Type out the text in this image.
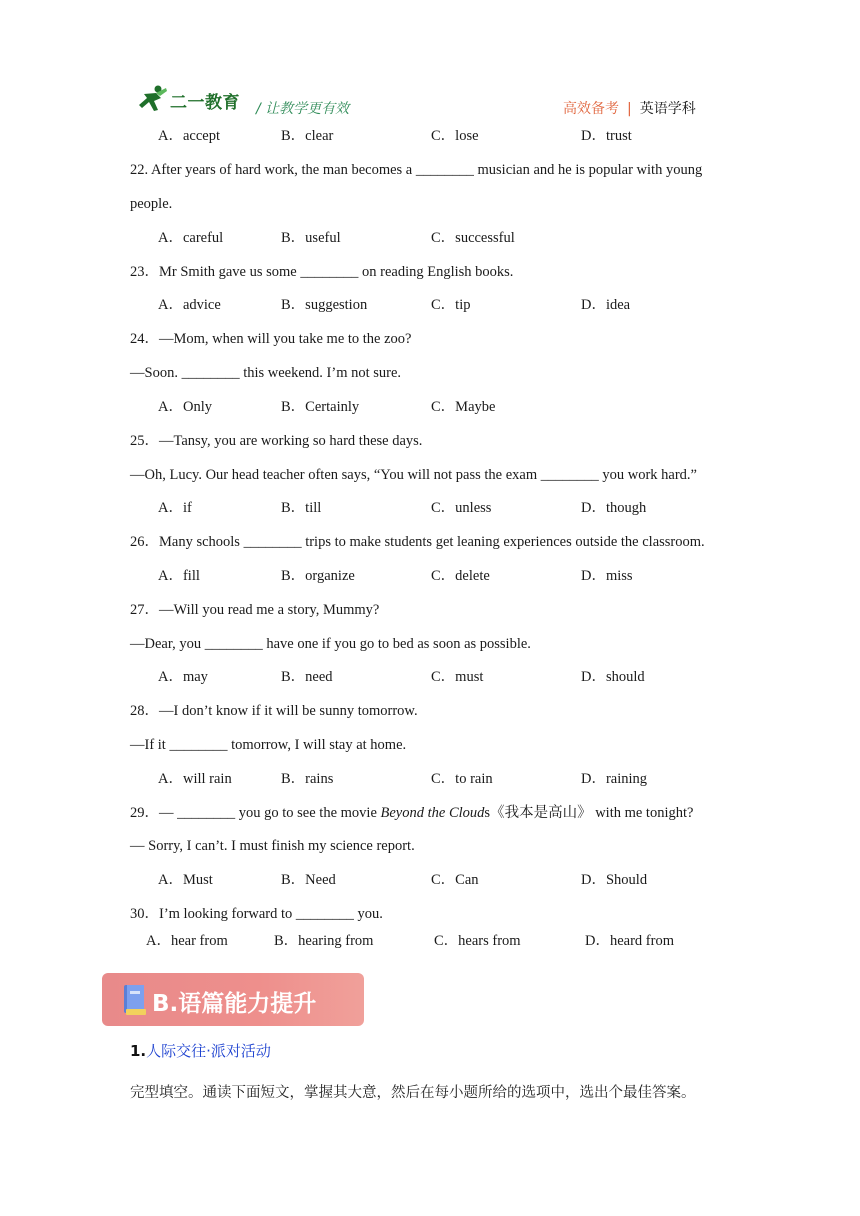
二一教育 / 让教学更有效	高效备考 | 英语学科
A．accept	B．clear	C．lose	D．trust
22. After years of hard work, the man becomes a ________ musician and he is popular with young
people.
A．careful	B．useful	C．successful
23．Mr Smith gave us some ________ on reading English books.
A．advice	B．suggestion	C．tip	D．idea
24．—Mom, when will you take me to the zoo?
—Soon. ________ this weekend. I’m not sure.
A．Only	B．Certainly	C．Maybe
25．—Tansy, you are working so hard these days.
—Oh, Lucy. Our head teacher often says, “You will not pass the exam ________ you work hard.”
A．if	B．till	C．unless	D．though
26．Many schools ________ trips to make students get leaning experiences outside the classroom.
A．fill	B．organize	C．delete	D．miss
27．—Will you read me a story, Mummy?
—Dear, you ________ have one if you go to bed as soon as possible.
A．may	B．need	C．must	D．should
28．—I don’t know if it will be sunny tomorrow.
—If it ________ tomorrow, I will stay at home.
A．will rain	B．rains	C．to rain	D．raining
29．— ________ you go to see the movie Beyond the Clouds《我本是高山》 with me tonight?
— Sorry, I can’t. I must finish my science report.
A．Must	B．Need	C．Can	D．Should
30．I’m looking forward to ________ you.
A．hear from	B．hearing from	C．hears from	D．heard from
B.语篇能力提升
1.人际交往·派对活动
完型填空。通读下面短文，掌握其大意，然后在每小题所给的选项中，选出个最佳答案。
